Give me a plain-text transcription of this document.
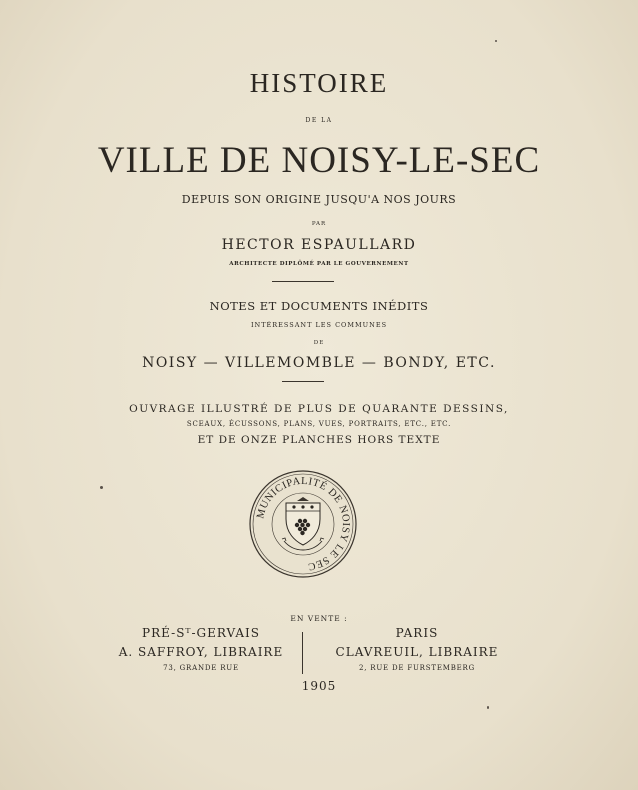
HISTOIRE
DE LA
VILLE DE NOISY-LE-SEC
DEPUIS SON ORIGINE JUSQU'A NOS JOURS
PAR
HECTOR ESPAULLARD
ARCHITECTE DIPLÔMÉ PAR LE GOUVERNEMENT
NOTES ET DOCUMENTS INÉDITS
INTÉRESSANT LES COMMUNES
DE
NOISY — VILLEMOMBLE — BONDY, ETC.
OUVRAGE ILLUSTRÉ DE PLUS DE QUARANTE DESSINS,
SCEAUX, ÉCUSSONS, PLANS, VUES, PORTRAITS, ETC., ETC.
ET DE ONZE PLANCHES HORS TEXTE
MUNICIPALITÉ DE NOISY LE SEC
EN VENTE :
PRÉ-Sᵀ-GERVAIS
A. SAFFROY, LIBRAIRE
73, GRANDE RUE
PARIS
CLAVREUIL, LIBRAIRE
2, RUE DE FURSTEMBERG
1905
